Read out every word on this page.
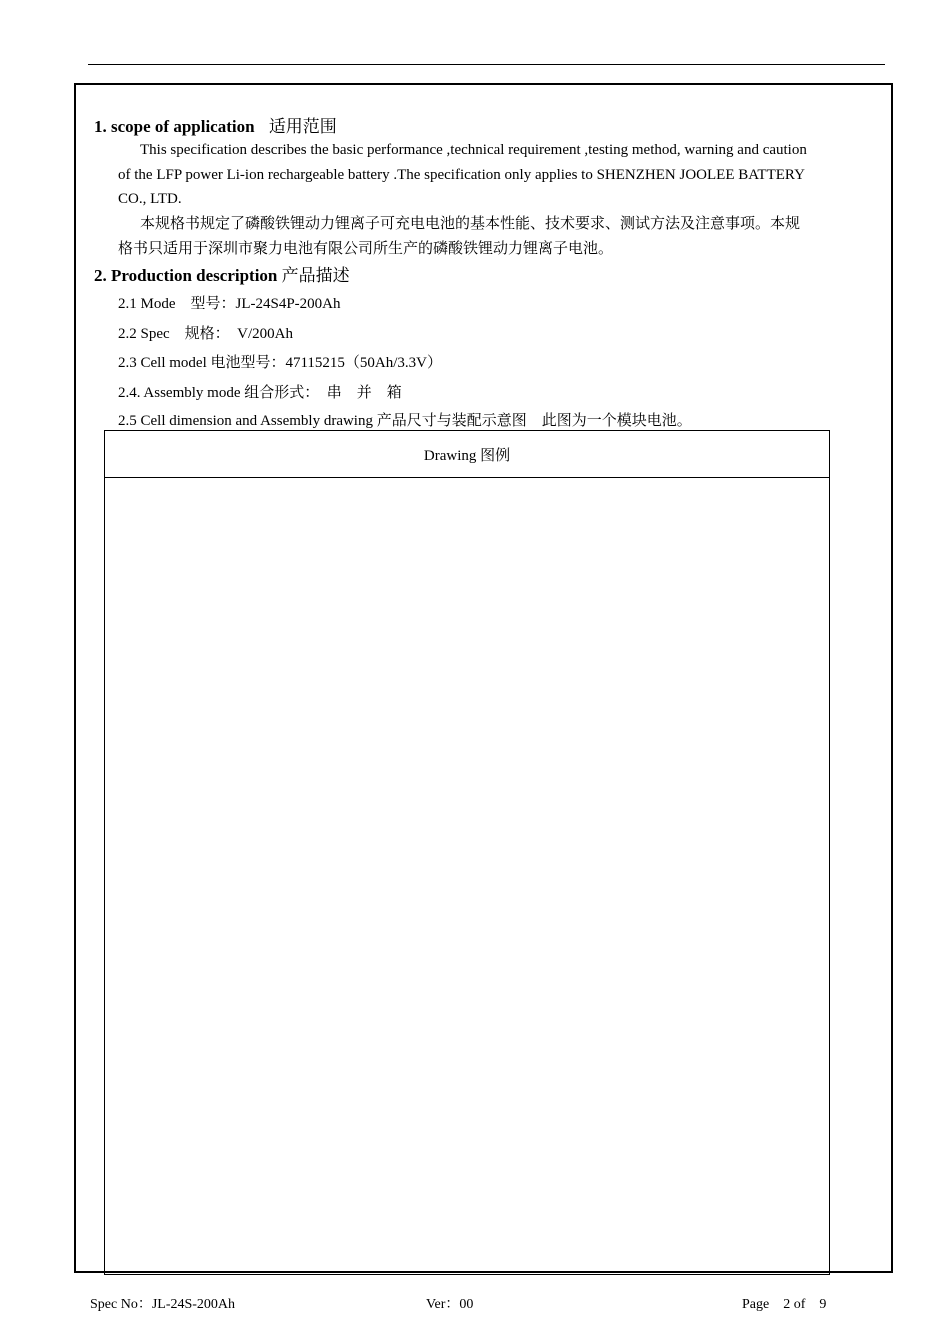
1. scope of application 适用范围
This specification describes the basic performance ,technical requirement ,testing method, warning and caution
of the LFP power Li-ion rechargeable battery .The specification only applies to SHENZHEN JOOLEE BATTERY
CO., LTD.
本规格书规定了磷酸铁锂动力锂离子可充电电池的基本性能、技术要求、测试方法及注意事项。本规
格书只适用于深圳市聚力电池有限公司所生产的磷酸铁锂动力锂离子电池。
2. Production description 产品描述
2.1 Mode　型号：JL-24S4P-200Ah
2.2 Spec　规格：　V/200Ah
2.3 Cell model 电池型号：47115215（50Ah/3.3V）
2.4. Assembly mode 组合形式：　串　并　箱
2.5 Cell dimension and Assembly drawing 产品尺寸与装配示意图　此图为一个模块电池。
Drawing 图例
Spec No：JL-24S-200Ah	Ver：00	Page　2 of　9
